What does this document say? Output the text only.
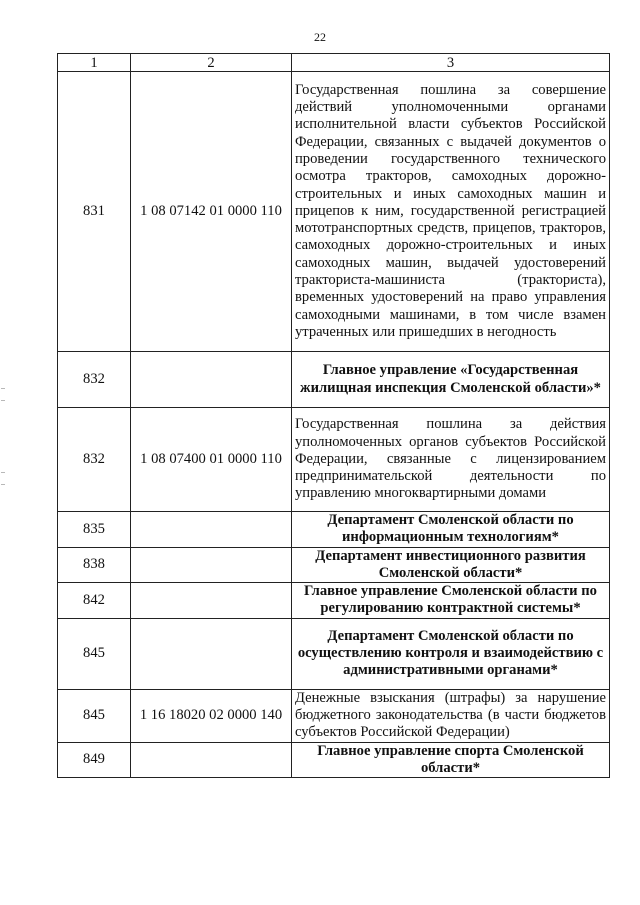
22
1	2	3
831	1 08 07142 01 0000 110	Государственная пошлина за совершение действий уполномоченными органами исполнительной власти субъектов Российской Федерации, связанных с выдачей документов о проведении государственного технического осмотра тракторов, самоходных дорожно-строительных и иных самоходных машин и прицепов к ним, государственной регистрацией мототранспортных средств, прицепов, тракторов, самоходных дорожно-строительных и иных самоходных машин, выдачей удостоверений тракториста-машиниста (тракториста), временных удостоверений на право управления самоходными машинами, в том числе взамен утраченных или пришедших в негодность
832		Главное управление «Государственная жилищная инспекция Смоленской области»*
832	1 08 07400 01 0000 110	Государственная пошлина за действия уполномоченных органов субъектов Российской Федерации, связанные с лицензированием предпринимательской деятельности по управлению многоквартирными домами
835		Департамент Смоленской области по информационным технологиям*
838		Департамент инвестиционного развития Смоленской области*
842		Главное управление Смоленской области по регулированию контрактной системы*
845		Департамент Смоленской области по осуществлению контроля и взаимодействию с административными органами*
845	1 16 18020 02 0000 140	Денежные взыскания (штрафы) за нарушение бюджетного законодательства (в части бюджетов субъектов Российской Федерации)
849		Главное управление спорта Смоленской области*
